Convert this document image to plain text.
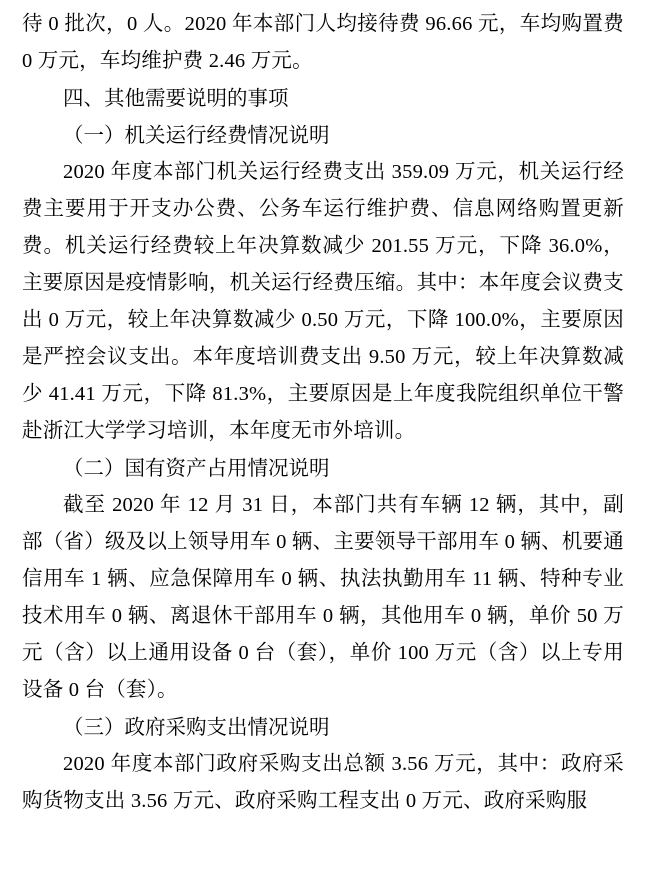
待 0 批次，0 人。2020 年本部门人均接待费 96.66 元，车均购置费 0 万元，车均维护费 2.46 万元。

四、其他需要说明的事项

（一）机关运行经费情况说明

2020 年度本部门机关运行经费支出 359.09 万元，机关运行经费主要用于开支办公费、公务车运行维护费、信息网络购置更新费。机关运行经费较上年决算数减少 201.55 万元，下降 36.0%，主要原因是疫情影响，机关运行经费压缩。其中：本年度会议费支出 0 万元，较上年决算数减少 0.50 万元，下降 100.0%，主要原因是严控会议支出。本年度培训费支出 9.50 万元，较上年决算数减少 41.41 万元，下降 81.3%，主要原因是上年度我院组织单位干警赴浙江大学学习培训，本年度无市外培训。

（二）国有资产占用情况说明

截至 2020 年 12 月 31 日，本部门共有车辆 12 辆，其中，副部（省）级及以上领导用车 0 辆、主要领导干部用车 0 辆、机要通信用车 1 辆、应急保障用车 0 辆、执法执勤用车 11 辆、特种专业技术用车 0 辆、离退休干部用车 0 辆，其他用车 0 辆，单价 50 万元（含）以上通用设备 0 台（套），单价 100 万元（含）以上专用设备 0 台（套）。

（三）政府采购支出情况说明

2020 年度本部门政府采购支出总额 3.56 万元，其中：政府采购货物支出 3.56 万元、政府采购工程支出 0 万元、政府采购服
